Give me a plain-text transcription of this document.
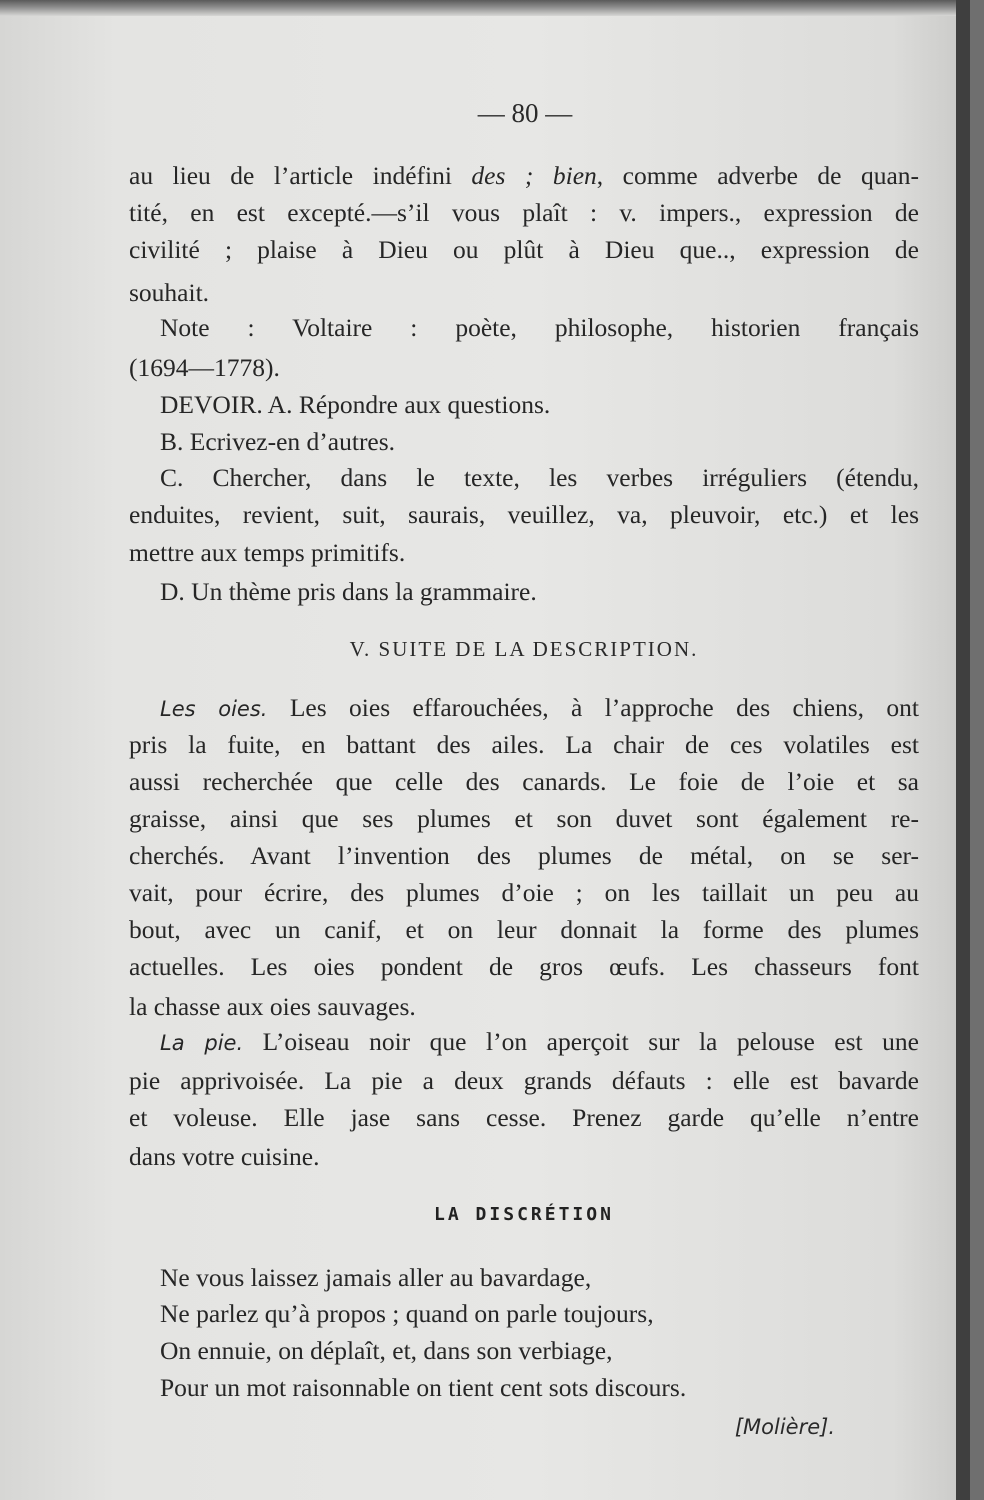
— 80 —
au lieu de l’article indéfini des ; bien, comme adverbe de quan-
tité, en est excepté.—s’il vous plaît : v. impers., expression de
civilité ; plaise à Dieu ou plût à Dieu que.., expression de
souhait.
Note : Voltaire : poète, philosophe, historien français
(1694—1778).
DEVOIR. A. Répondre aux questions.
B. Ecrivez-en d’autres.
C. Chercher, dans le texte, les verbes irréguliers (étendu,
enduites, revient, suit, saurais, veuillez, va, pleuvoir, etc.) et les
mettre aux temps primitifs.
D. Un thème pris dans la grammaire.
V. SUITE DE LA DESCRIPTION.
Les oies. Les oies effarouchées, à l’approche des chiens, ont
pris la fuite, en battant des ailes. La chair de ces volatiles est
aussi recherchée que celle des canards. Le foie de l’oie et sa
graisse, ainsi que ses plumes et son duvet sont également re-
cherchés. Avant l’invention des plumes de métal, on se ser-
vait, pour écrire, des plumes d’oie ; on les taillait un peu au
bout, avec un canif, et on leur donnait la forme des plumes
actuelles. Les oies pondent de gros œufs. Les chasseurs font
la chasse aux oies sauvages.
La pie. L’oiseau noir que l’on aperçoit sur la pelouse est une
pie apprivoisée. La pie a deux grands défauts : elle est bavarde
et voleuse. Elle jase sans cesse. Prenez garde qu’elle n’entre
dans votre cuisine.
LA DISCRÉTION
Ne vous laissez jamais aller au bavardage,
Ne parlez qu’à propos ; quand on parle toujours,
On ennuie, on déplaît, et, dans son verbiage,
Pour un mot raisonnable on tient cent sots discours.
[Molière].
